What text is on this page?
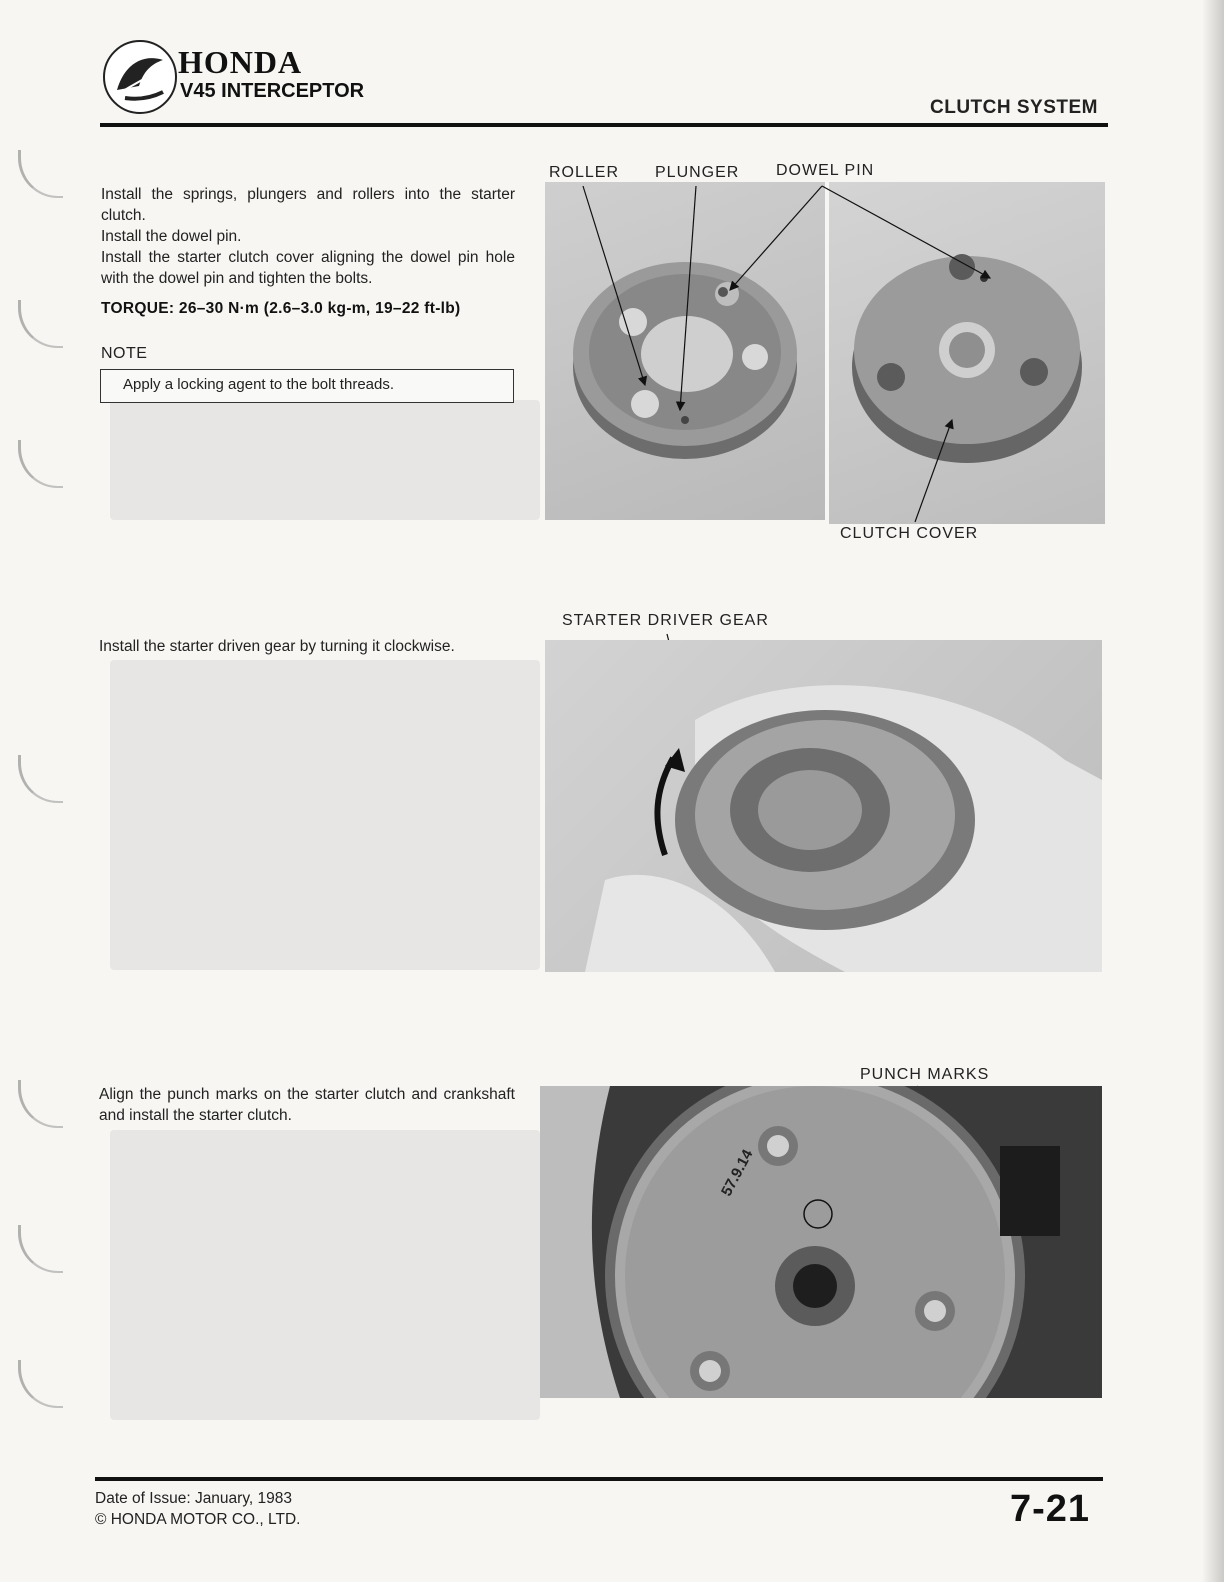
HONDA
V45 INTERCEPTOR
CLUTCH SYSTEM
Install the springs, plungers and rollers into the starter clutch.
Install the dowel pin.
Install the starter clutch cover aligning the dowel pin hole with the dowel pin and tighten the bolts.
TORQUE: 26–30 N·m (2.6–3.0 kg-m, 19–22 ft-lb)
NOTE
Apply a locking agent to the bolt threads.
ROLLER PLUNGER DOWEL PIN
CLUTCH COVER
Install the starter driven gear by turning it clockwise.
STARTER DRIVER GEAR
Align the punch marks on the starter clutch and crankshaft and install the starter clutch.
PUNCH MARKS
57.9.14
Date of Issue: January, 1983
© HONDA MOTOR CO., LTD.	7-21
